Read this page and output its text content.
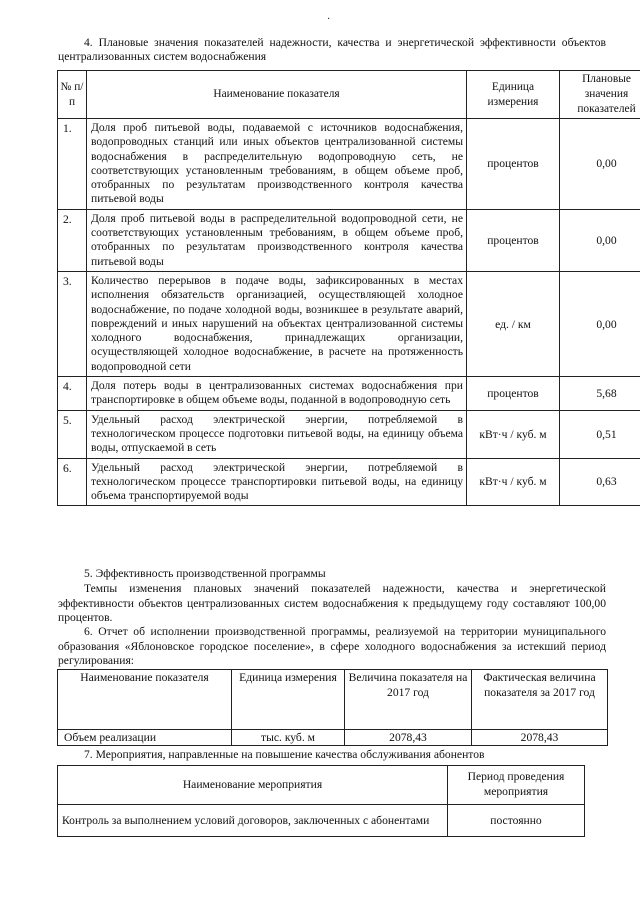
·

4. Плановые значения показателей надежности, качества и энергетической эффективности объектов централизованных систем водоснабжения

№ п/п	Наименование показателя	Единица измерения	Плановые значения показателей
1.	Доля проб питьевой воды, подаваемой с источников водоснабжения, водопроводных станций или иных объектов централизованной системы водоснабжения в распределительную водопроводную сеть, не соответствующих установленным требованиям, в общем объеме проб, отобранных по результатам производственного контроля качества питьевой воды	процентов	0,00
2.	Доля проб питьевой воды в распределительной водопроводной сети, не соответствующих установленным требованиям, в общем объеме проб, отобранных по результатам производственного контроля качества питьевой воды	процентов	0,00
3.	Количество перерывов в подаче воды, зафиксированных в местах исполнения обязательств организацией, осуществляющей холодное водоснабжение, по подаче холодной воды, возникшее в результате аварий, повреждений и иных нарушений на объектах централизованной системы холодного водоснабжения, принадлежащих организации, осуществляющей холодное водоснабжение, в расчете на протяженность водопроводной сети	ед. / км	0,00
4.	Доля потерь воды в централизованных системах водоснабжения при транспортировке в общем объеме воды, поданной в водопроводную сеть	процентов	5,68
5.	Удельный расход электрической энергии, потребляемой в технологическом процессе подготовки питьевой воды, на единицу объема воды, отпускаемой в сеть	кВт·ч / куб. м	0,51
6.	Удельный расход электрической энергии, потребляемой в технологическом процессе транспортировки питьевой воды, на единицу объема транспортируемой воды	кВт·ч / куб. м	0,63

5. Эффективность производственной программы

Темпы изменения плановых значений показателей надежности, качества и энергетической эффективности объектов централизованных систем водоснабжения к предыдущему году составляют 100,00 процентов.

6. Отчет об исполнении производственной программы, реализуемой на территории муниципального образования «Яблоновское городское поселение», в сфере холодного водоснабжения за истекший период регулирования:

Наименование показателя	Единица измерения	Величина показателя на 2017 год	Фактическая величина показателя за 2017 год
Объем реализации	тыс. куб. м	2078,43	2078,43

7. Мероприятия, направленные на повышение качества обслуживания абонентов

Наименование мероприятия	Период проведения мероприятия
Контроль за выполнением условий договоров, заключенных с абонентами	постоянно
